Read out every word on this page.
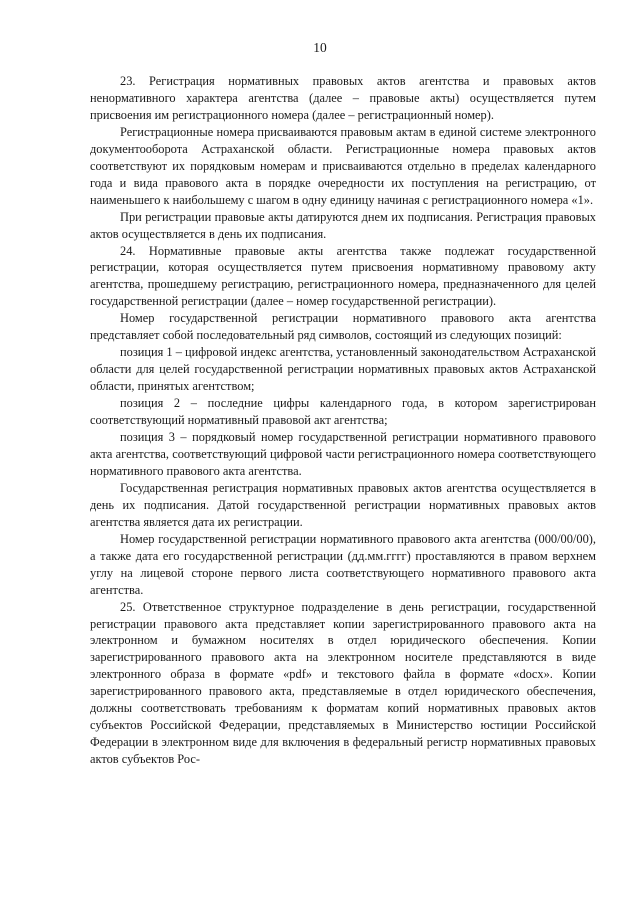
10

23. Регистрация нормативных правовых актов агентства и правовых актов ненормативного характера агентства (далее – правовые акты) осуществляется путем присвоения им регистрационного номера (далее – регистрационный номер).

Регистрационные номера присваиваются правовым актам в единой системе электронного документооборота Астраханской области. Регистрационные номера правовых актов соответствуют их порядковым номерам и присваиваются отдельно в пределах календарного года и вида правового акта в порядке очередности их поступления на регистрацию, от наименьшего к наибольшему с шагом в одну единицу начиная с регистрационного номера «1».

При регистрации правовые акты датируются днем их подписания. Регистрация правовых актов осуществляется в день их подписания.

24. Нормативные правовые акты агентства также подлежат государственной регистрации, которая осуществляется путем присвоения нормативному правовому акту агентства, прошедшему регистрацию, регистрационного номера, предназначенного для целей государственной регистрации (далее – номер государственной регистрации).

Номер государственной регистрации нормативного правового акта агентства представляет собой последовательный ряд символов, состоящий из следующих позиций:

позиция 1 – цифровой индекс агентства, установленный законодательством Астраханской области для целей государственной регистрации нормативных правовых актов Астраханской области, принятых агентством;

позиция 2 – последние цифры календарного года, в котором зарегистрирован соответствующий нормативный правовой акт агентства;

позиция 3 – порядковый номер государственной регистрации нормативного правового акта агентства, соответствующий цифровой части регистрационного номера соответствующего нормативного правового акта агентства.

Государственная регистрация нормативных правовых актов агентства осуществляется в день их подписания. Датой государственной регистрации нормативных правовых актов агентства является дата их регистрации.

Номер государственной регистрации нормативного правового акта агентства (000/00/00), а также дата его государственной регистрации (дд.мм.гггг) проставляются в правом верхнем углу на лицевой стороне первого листа соответствующего нормативного правового акта агентства.

25. Ответственное структурное подразделение в день регистрации, государственной регистрации правового акта представляет копии зарегистрированного правового акта на электронном и бумажном носителях в отдел юридического обеспечения. Копии зарегистрированного правового акта на электронном носителе представляются в виде электронного образа в формате «pdf» и текстового файла в формате «docx». Копии зарегистрированного правового акта, представляемые в отдел юридического обеспечения, должны соответствовать требованиям к форматам копий нормативных правовых актов субъектов Российской Федерации, представляемых в Министерство юстиции Российской Федерации в электронном виде для включения в федеральный регистр нормативных правовых актов субъектов Рос-
